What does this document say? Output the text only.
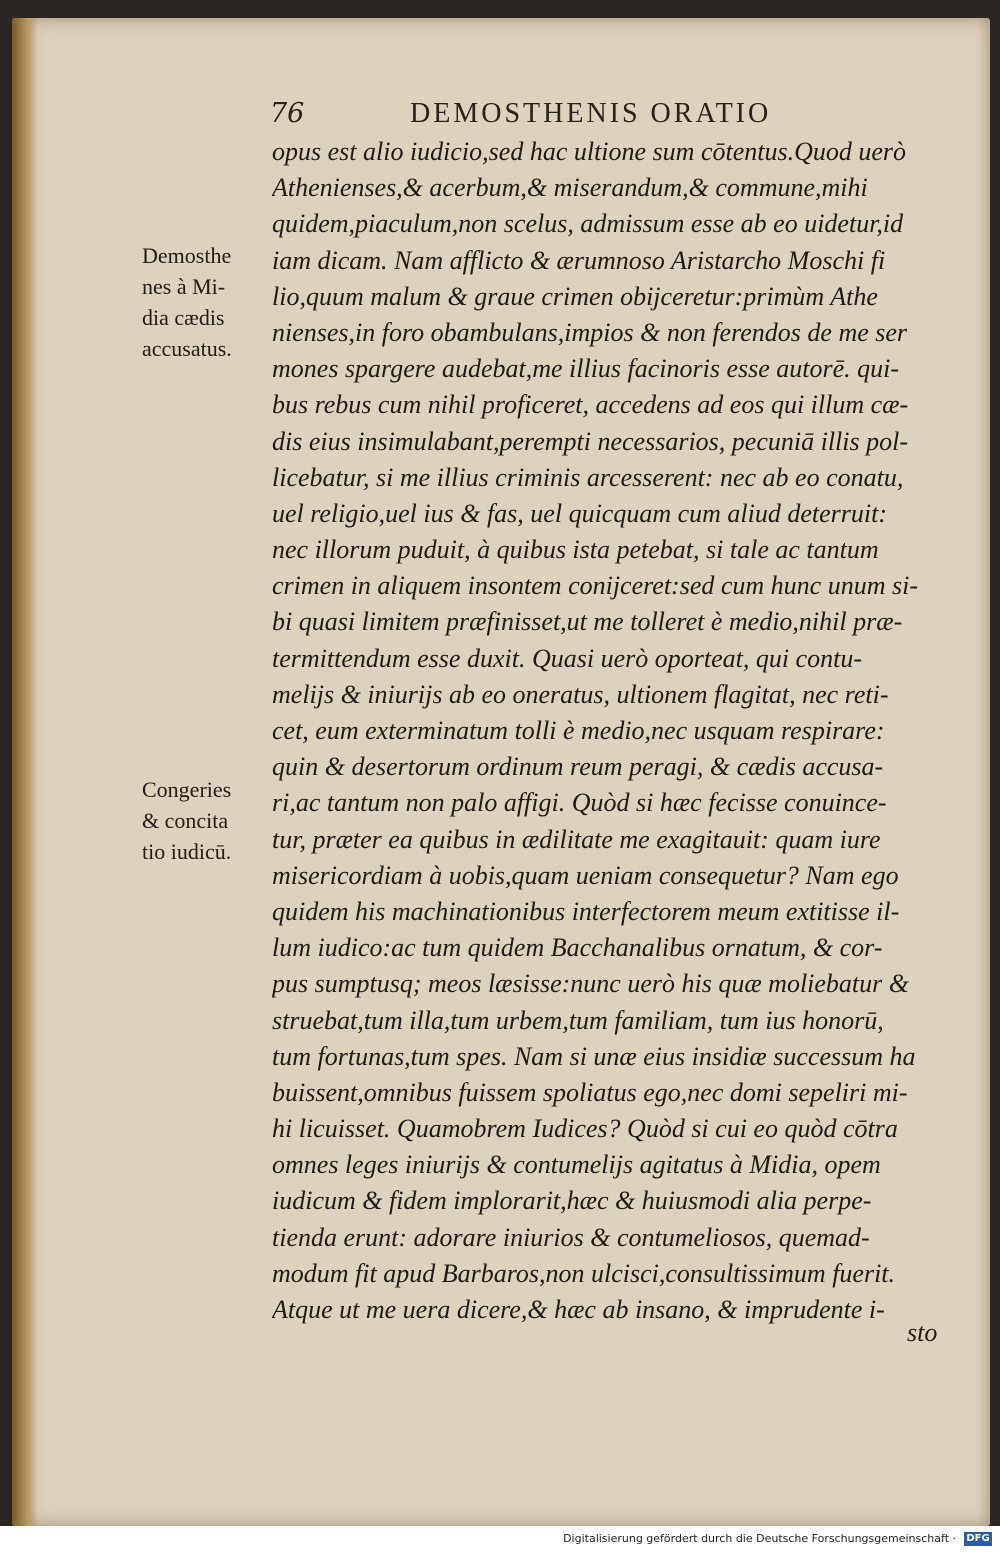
76	DEMOSTHENIS ORATIO
Demosthe
nes à Mi-
dia cædis
accusatus.
Congeries
& concita
tio iudicū.
opus est alio iudicio,sed hac ultione sum cōtentus.Quod uerò
Athenienses,& acerbum,& miserandum,& commune,mihi
quidem,piaculum,non scelus, admissum esse ab eo uidetur,id
iam dicam. Nam afflicto & ærumnoso Aristarcho Moschi fi
lio,quum malum & graue crimen obijceretur:primùm Athe
nienses,in foro obambulans,impios & non ferendos de me ser
mones spargere audebat,me illius facinoris esse autorē. qui-
bus rebus cum nihil proficeret, accedens ad eos qui illum cæ-
dis eius insimulabant,perempti necessarios, pecuniā illis pol-
licebatur, si me illius criminis arcesserent: nec ab eo conatu,
uel religio,uel ius & fas, uel quicquam cum aliud deterruit:
nec illorum puduit, à quibus ista petebat, si tale ac tantum
crimen in aliquem insontem conijceret:sed cum hunc unum si-
bi quasi limitem præfinisset,ut me tolleret è medio,nihil præ-
termittendum esse duxit. Quasi uerò oporteat, qui contu-
melijs & iniurijs ab eo oneratus, ultionem flagitat, nec reti-
cet, eum exterminatum tolli è medio,nec usquam respirare:
quin & desertorum ordinum reum peragi, & cædis accusa-
ri,ac tantum non palo affigi. Quòd si hæc fecisse conuince-
tur, præter ea quibus in ædilitate me exagitauit: quam iure
misericordiam à uobis,quam ueniam consequetur? Nam ego
quidem his machinationibus interfectorem meum extitisse il-
lum iudico:ac tum quidem Bacchanalibus ornatum, & cor-
pus sumptusq; meos læsisse:nunc uerò his quæ moliebatur &
struebat,tum illa,tum urbem,tum familiam, tum ius honorū,
tum fortunas,tum spes. Nam si unæ eius insidiæ successum ha
buissent,omnibus fuissem spoliatus ego,nec domi sepeliri mi-
hi licuisset. Quamobrem Iudices? Quòd si cui eo quòd cōtra
omnes leges iniurijs & contumelijs agitatus à Midia, opem
iudicum & fidem implorarit,hæc & huiusmodi alia perpe-
tienda erunt: adorare iniurios & contumeliosos, quemad-
modum fit apud Barbaros,non ulcisci,consultissimum fuerit.
Atque ut me uera dicere,& hæc ab insano, & imprudente i-
sto
Digitalisierung gefördert durch die Deutsche Forschungsgemeinschaft · DFG
